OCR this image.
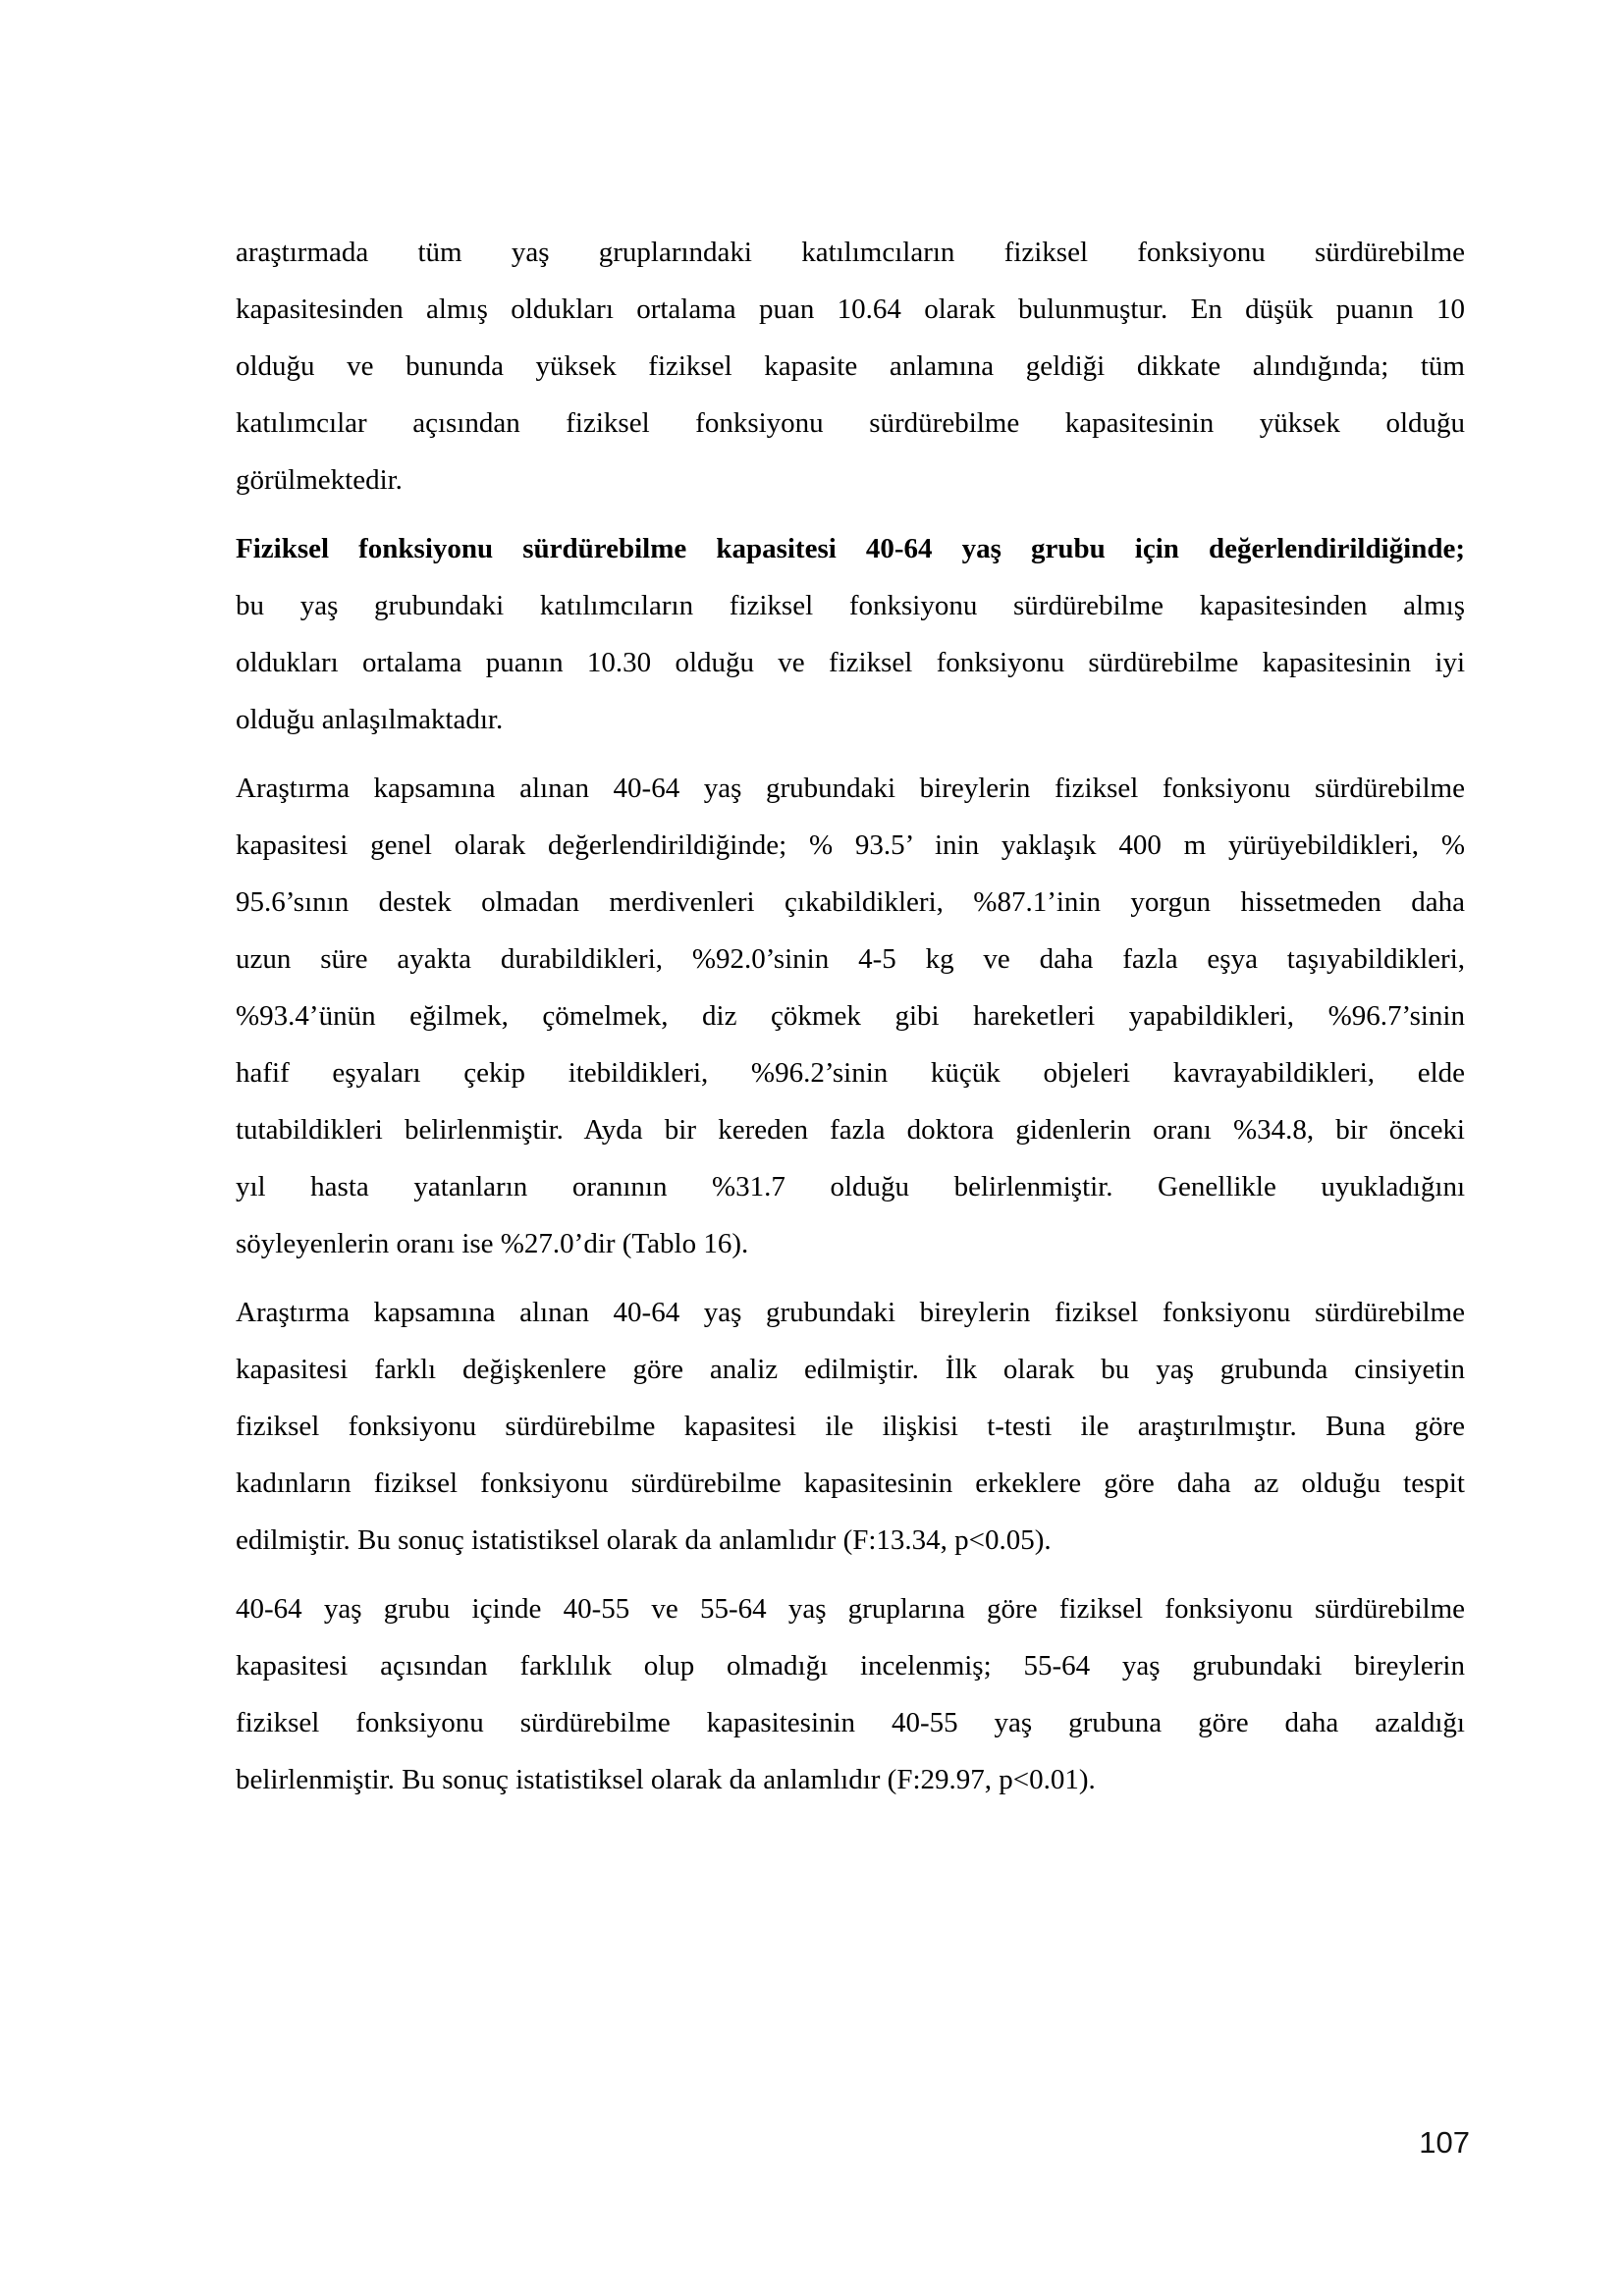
araştırmada tüm yaş gruplarındaki katılımcıların fiziksel fonksiyonu sürdürebilme
kapasitesinden almış oldukları ortalama puan 10.64 olarak bulunmuştur. En düşük puanın 10
olduğu ve bununda yüksek fiziksel kapasite anlamına geldiği dikkate alındığında; tüm
katılımcılar açısından fiziksel fonksiyonu sürdürebilme kapasitesinin yüksek olduğu
görülmektedir.
Fiziksel fonksiyonu sürdürebilme kapasitesi 40-64 yaş grubu için değerlendirildiğinde;
bu yaş grubundaki katılımcıların fiziksel fonksiyonu sürdürebilme kapasitesinden almış
oldukları ortalama puanın 10.30 olduğu ve fiziksel fonksiyonu sürdürebilme kapasitesinin iyi
olduğu anlaşılmaktadır.
Araştırma kapsamına alınan 40-64 yaş grubundaki bireylerin fiziksel fonksiyonu sürdürebilme
kapasitesi genel olarak değerlendirildiğinde; % 93.5’ inin yaklaşık 400 m yürüyebildikleri, %
95.6’sının destek olmadan merdivenleri çıkabildikleri, %87.1’inin yorgun hissetmeden daha
uzun süre ayakta durabildikleri, %92.0’sinin 4-5 kg ve daha fazla eşya taşıyabildikleri,
%93.4’ünün eğilmek, çömelmek, diz çökmek gibi hareketleri yapabildikleri, %96.7’sinin
hafif eşyaları çekip itebildikleri, %96.2’sinin küçük objeleri kavrayabildikleri, elde
tutabildikleri belirlenmiştir. Ayda bir kereden fazla doktora gidenlerin oranı %34.8, bir önceki
yıl hasta yatanların oranının %31.7 olduğu belirlenmiştir. Genellikle uyukladığını
söyleyenlerin oranı ise %27.0’dir (Tablo 16).
Araştırma kapsamına alınan 40-64 yaş grubundaki bireylerin fiziksel fonksiyonu sürdürebilme
kapasitesi farklı değişkenlere göre analiz edilmiştir. İlk olarak bu yaş grubunda cinsiyetin
fiziksel fonksiyonu sürdürebilme kapasitesi ile ilişkisi t-testi ile araştırılmıştır. Buna göre
kadınların fiziksel fonksiyonu sürdürebilme kapasitesinin erkeklere göre daha az olduğu tespit
edilmiştir. Bu sonuç istatistiksel olarak da anlamlıdır (F:13.34, p<0.05).
40-64 yaş grubu içinde 40-55 ve 55-64 yaş gruplarına göre fiziksel fonksiyonu sürdürebilme
kapasitesi açısından farklılık olup olmadığı incelenmiş; 55-64 yaş grubundaki bireylerin
fiziksel fonksiyonu sürdürebilme kapasitesinin 40-55 yaş grubuna göre daha azaldığı
belirlenmiştir. Bu sonuç istatistiksel olarak da anlamlıdır (F:29.97, p<0.01).
107
